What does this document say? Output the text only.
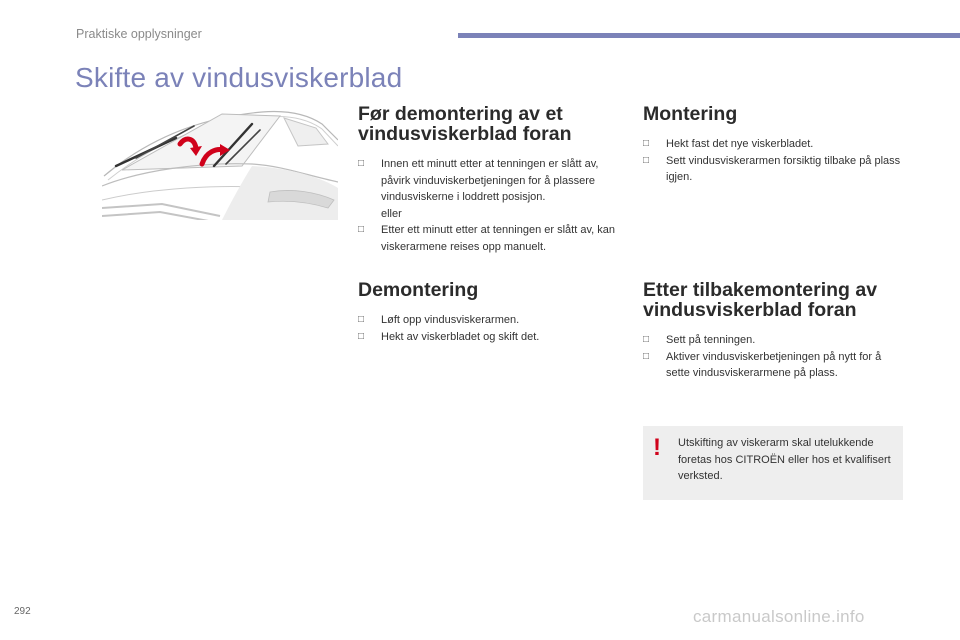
Praktiske opplysninger
Skifte av vindusviskerblad
Før demontering av et vindusviskerblad foran
□ Innen ett minutt etter at tenningen er slått av, påvirk vinduviskerbetjeningen for å plassere vindusviskerne i loddrett posisjon.
eller
□ Etter ett minutt etter at tenningen er slått av, kan viskerarmene reises opp manuelt.
Demontering
□ Løft opp vindusviskerarmen.
□ Hekt av viskerbladet og skift det.
Montering
□ Hekt fast det nye viskerbladet.
□ Sett vindusviskerarmen forsiktig tilbake på plass igjen.
Etter tilbakemontering av vindusviskerblad foran
□ Sett på tenningen.
□ Aktiver vindusviskerbetjeningen på nytt for å sette vindusviskerarmene på plass.
! Utskifting av viskerarm skal utelukkende foretas hos CITROËN eller hos et kvalifisert verksted.
292	carmanualsonline.info
